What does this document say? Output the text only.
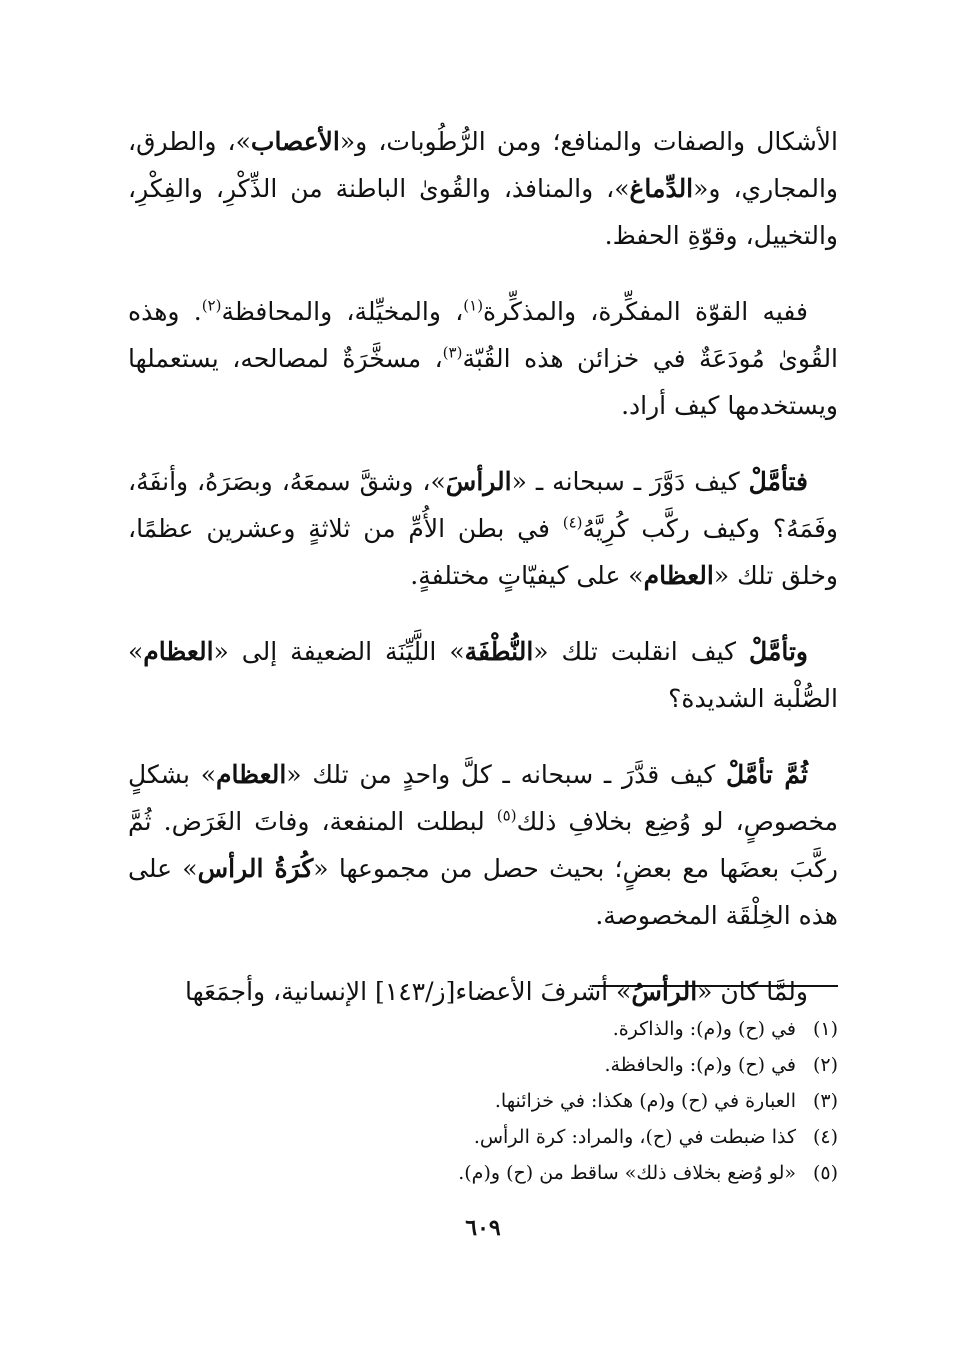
الأشكال والصفات والمنافع؛ ومن الرُّطُوبات، و«الأعصاب»، والطرق، والمجاري، و«الدِّماغ»، والمنافذ، والقُوىٰ الباطنة من الذِّكْرِ، والفِكْرِ، والتخييل، وقوّةِ الحفظ.

ففيه القوّة المفكِّرة، والمذكِّرة$^{(١)}$، والمخيِّلة، والمحافظة$^{(٢)}$. وهذه القُوىٰ مُودَعَةٌ في خزائن هذه القُبّة$^{(٣)}$، مسخَّرَةٌ لمصالحه، يستعملها ويستخدمها كيف أراد.

فتأمَّلْ كيف دَوَّرَ ـ سبحانه ـ «الرأسَ»، وشقَّ سمعَهُ، وبصَرَهُ، وأنفَهُ، وفَمَهُ؟ وكيف ركَّب كُرِيَّهُ$^{(٤)}$ في بطن الأُمِّ من ثلاثةٍ وعشرين عظمًا، وخلق تلك «العظام» على كيفيّاتٍ مختلفةٍ.

وتأمَّلْ كيف انقلبت تلك «النُّطْفَة» اللَّيِّنَة الضعيفة إلى «العظام» الصُّلْبة الشديدة؟

ثُمَّ تأمَّلْ كيف قدَّرَ ـ سبحانه ـ كلَّ واحدٍ من تلك «العظام» بشكلٍ مخصوصٍ، لو وُضِع بخلافِ ذلك$^{(٥)}$ لبطلت المنفعة، وفاتَ الغَرَض. ثُمَّ ركَّبَ بعضَها مع بعضٍ؛ بحيث حصل من مجموعها «كُرَةُ الرأس» على هذه الخِلْقَة المخصوصة.

ولمَّا كان «الرأسُ» أشرفَ الأعضاء[ز/١٤٣] الإنسانية، وأجمَعَها

(١)في (ح) و(م): والذاكرة.
(٢)في (ح) و(م): والحافظة.
(٣)العبارة في (ح) و(م) هكذا: في خزائنها.
(٤)كذا ضبطت في (ح)، والمراد: كرة الرأس.
(٥)«لو وُضع بخلاف ذلك» ساقط من (ح) و(م).
٦٠٩
